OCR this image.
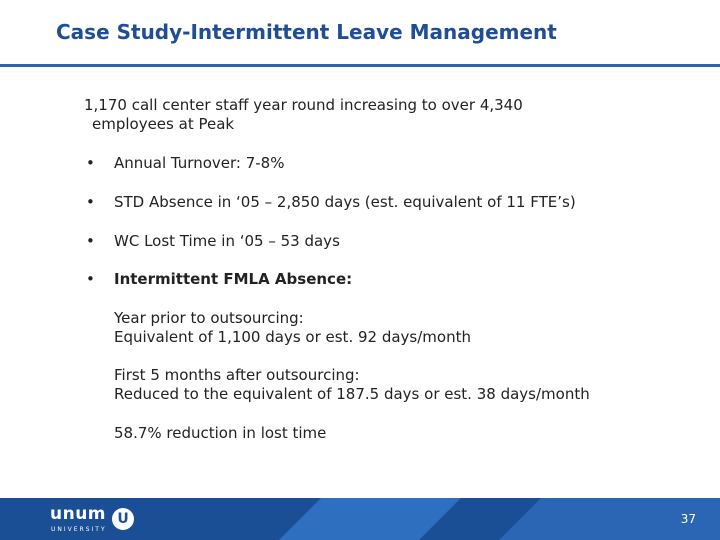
Case Study-Intermittent Leave Management
1,170 call center staff year round increasing to over 4,340
employees at Peak
• Annual Turnover: 7-8%
• STD Absence in ‘05 – 2,850 days (est. equivalent of 11 FTE’s)
• WC Lost Time in ‘05 – 53 days
• Intermittent FMLA Absence:
Year prior to outsourcing:
Equivalent of 1,100 days or est. 92 days/month
First 5 months after outsourcing:
Reduced to the equivalent of 187.5 days or est. 38 days/month
58.7% reduction in lost time
unum
UNIVERSITY
U	37
